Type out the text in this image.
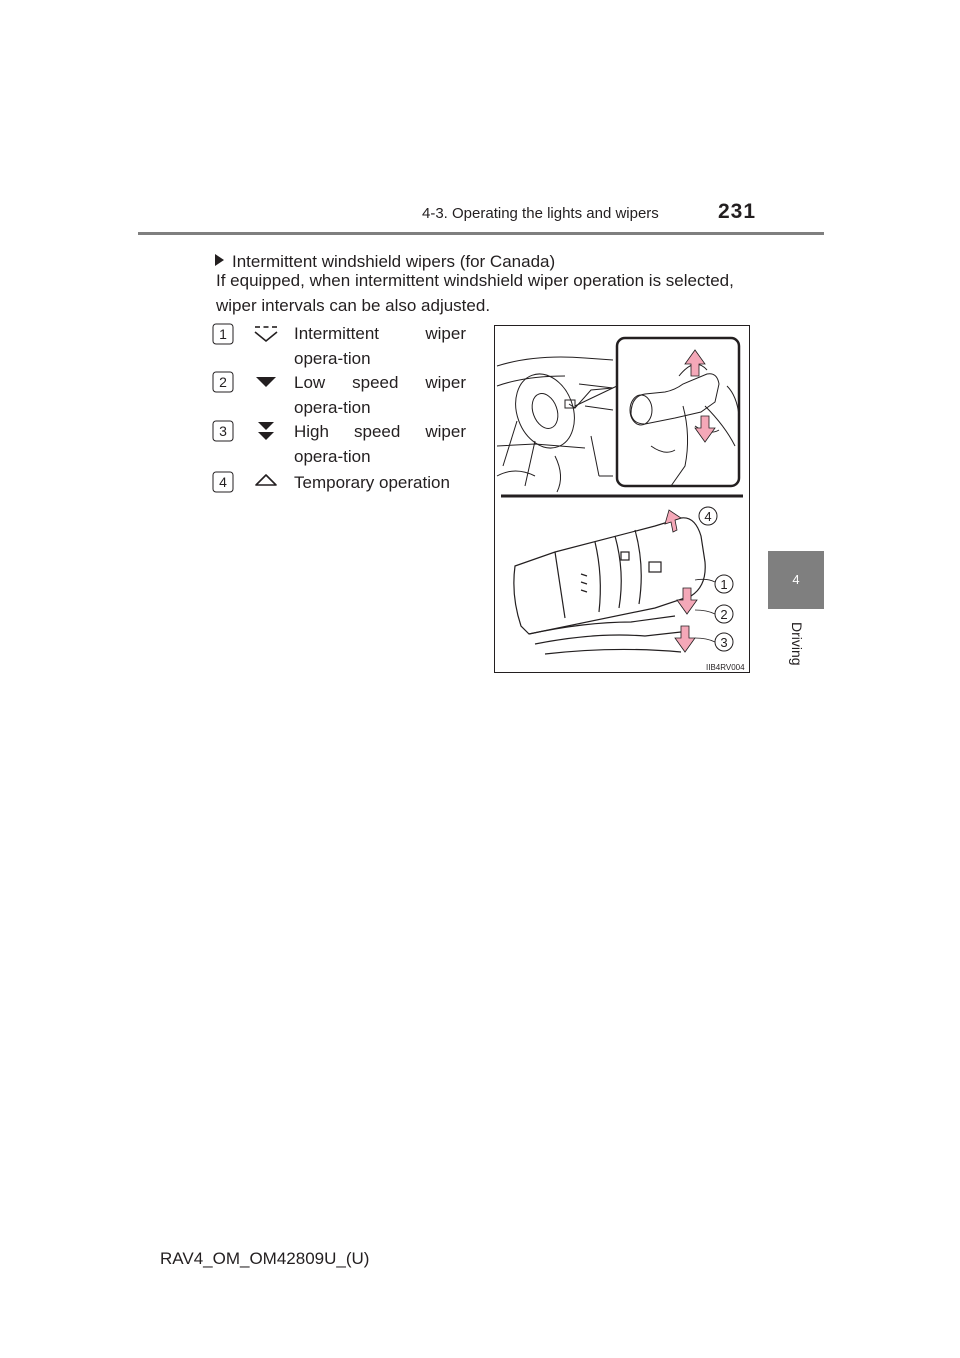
4-3. Operating the lights and wipers	231
4
Driving
Intermittent windshield wipers (for Canada)
If equipped, when intermittent windshield wiper operation is selected, wiper intervals can be also adjusted.
1	Intermittent wiper opera-tion
2	Low speed wiper opera-tion
3	High speed wiper opera-tion
4	Temporary operation
4
1
2
3
IIB4RV004
RAV4_OM_OM42809U_(U)
